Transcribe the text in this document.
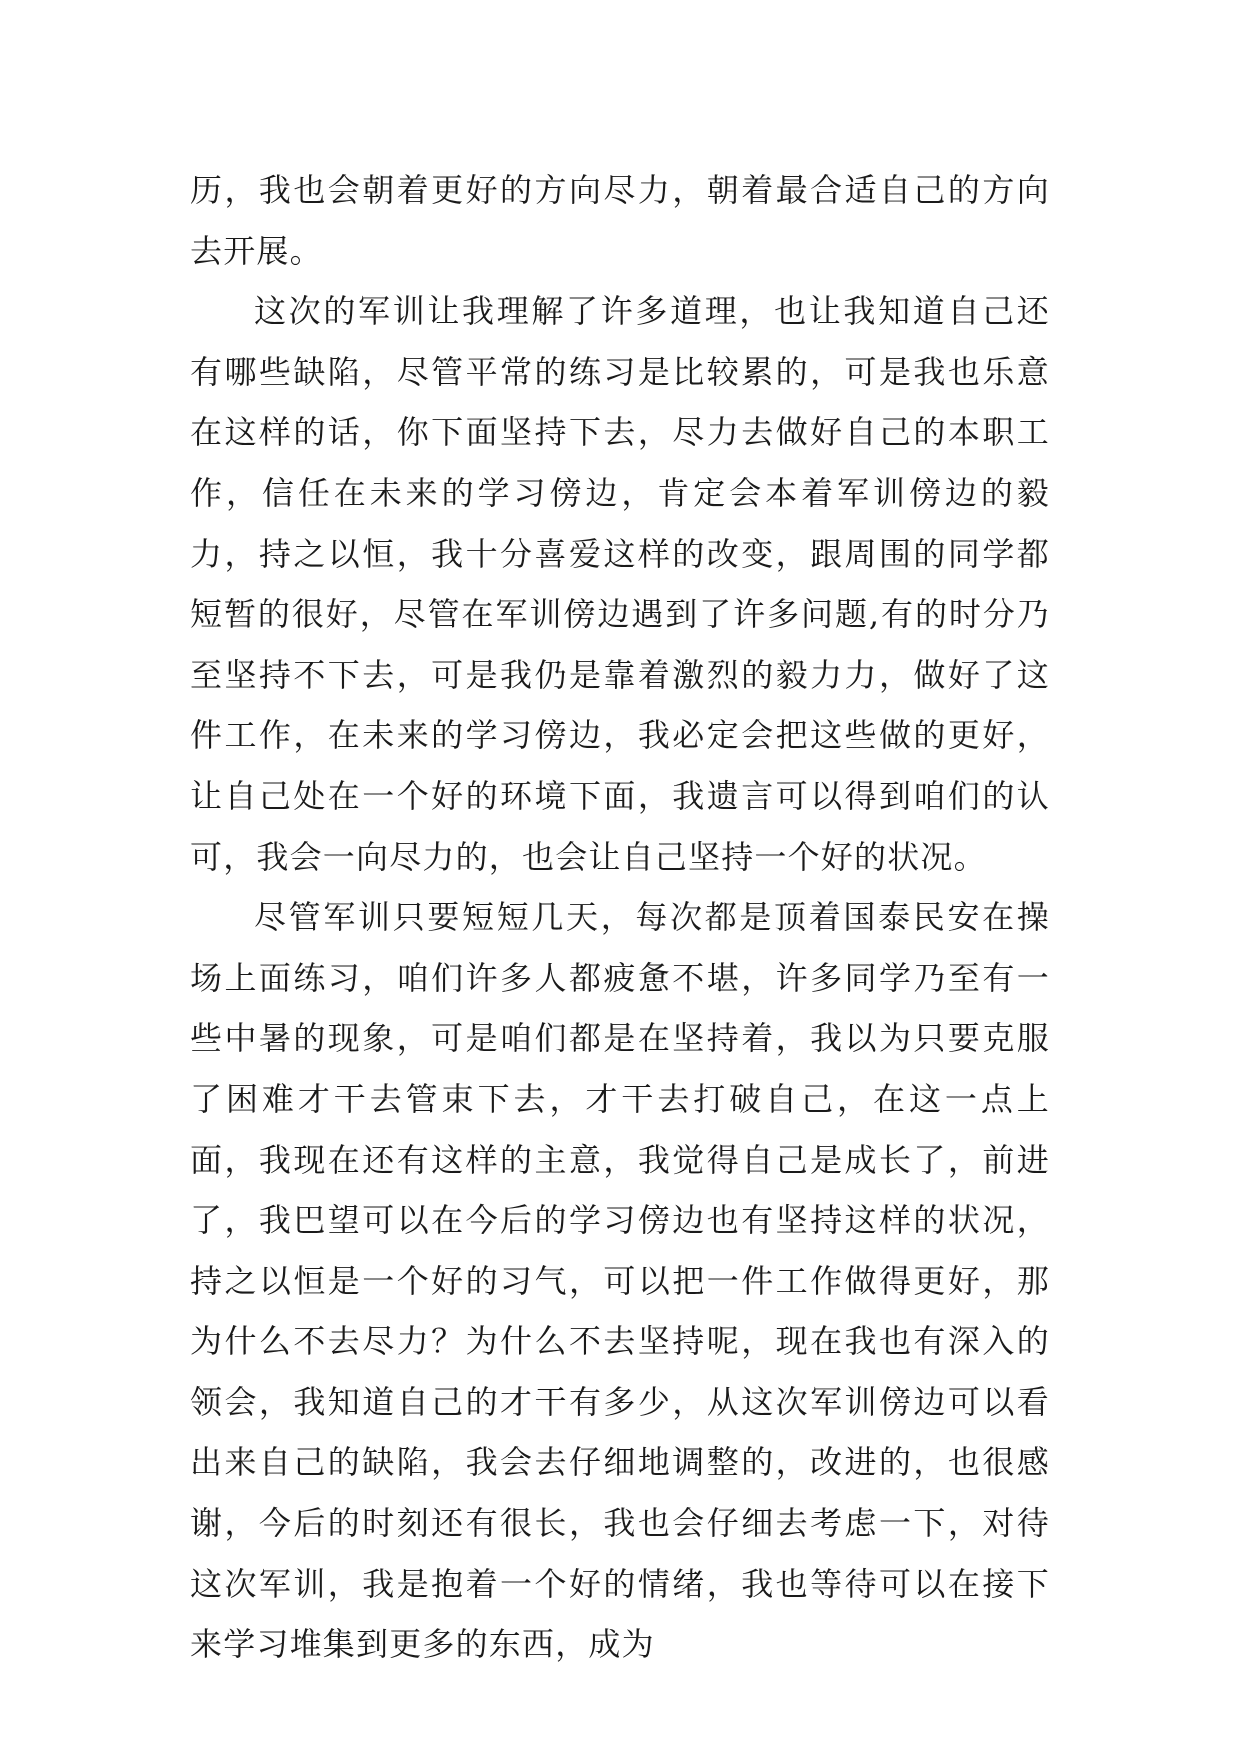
历，我也会朝着更好的方向尽力，朝着最合适自己的方向去开展。

这次的军训让我理解了许多道理，也让我知道自己还有哪些缺陷，尽管平常的练习是比较累的，可是我也乐意在这样的话，你下面坚持下去，尽力去做好自己的本职工作，信任在未来的学习傍边，肯定会本着军训傍边的毅力，持之以恒，我十分喜爱这样的改变，跟周围的同学都短暂的很好，尽管在军训傍边遇到了许多问题,有的时分乃至坚持不下去，可是我仍是靠着激烈的毅力力，做好了这件工作，在未来的学习傍边，我必定会把这些做的更好，让自己处在一个好的环境下面，我遗言可以得到咱们的认可，我会一向尽力的，也会让自己坚持一个好的状况。

尽管军训只要短短几天，每次都是顶着国泰民安在操场上面练习，咱们许多人都疲惫不堪，许多同学乃至有一些中暑的现象，可是咱们都是在坚持着，我以为只要克服了困难才干去管束下去，才干去打破自己，在这一点上面，我现在还有这样的主意，我觉得自己是成长了，前进了，我巴望可以在今后的学习傍边也有坚持这样的状况，持之以恒是一个好的习气，可以把一件工作做得更好，那为什么不去尽力？为什么不去坚持呢，现在我也有深入的领会，我知道自己的才干有多少，从这次军训傍边可以看出来自己的缺陷，我会去仔细地调整的，改进的，也很感谢，今后的时刻还有很长，我也会仔细去考虑一下，对待这次军训，我是抱着一个好的情绪，我也等待可以在接下来学习堆集到更多的东西，成为
